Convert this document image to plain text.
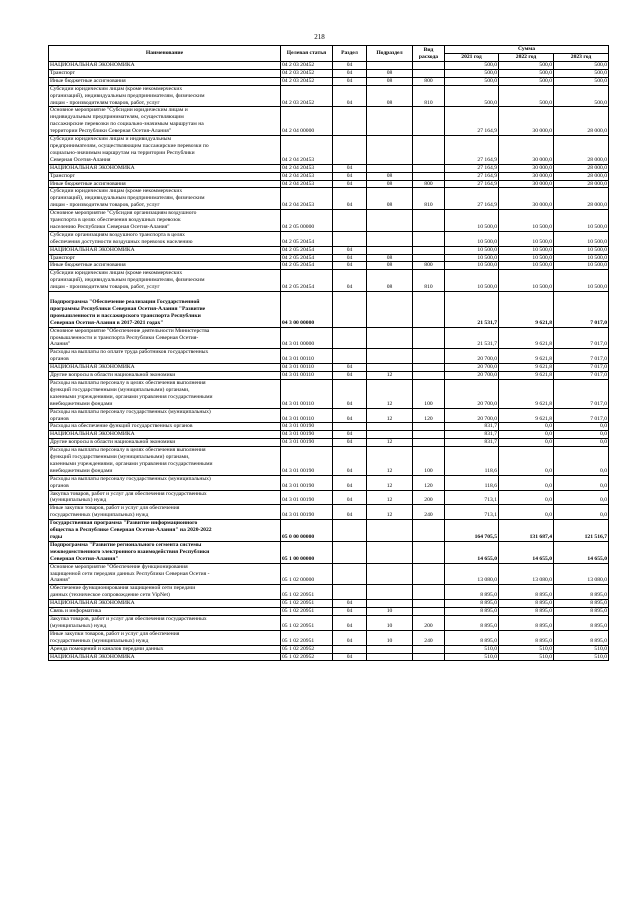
218
Наименование	Целевая статья	Раздел	Подраздел	Вид расхода	Сумма		
					2021 год	2022 год	2023 год
НАЦИОНАЛЬНАЯ ЭКОНОМИКА	04 2 03 20452	04			500,0	500,0	500,0
Транспорт	04 2 03 20452	04	08		500,0	500,0	500,0
Иные бюджетные ассигнования	04 2 03 20452	04	08	800	500,0	500,0	500,0
Субсидии юридическим лицам (кроме некоммерческих
организаций), индивидуальным предпринимателям, физическим
лицам - производителям товаров, работ, услуг	04 2 03 20452	04	08	810	500,0	500,0	500,0
Основное мероприятие "Субсидии юридическим лицам и
индивидуальным предпринимателям, осуществляющим
пассажирские перевозки по социально-значимым маршрутам на
территории Республики Северная Осетия-Алания"	04 2 04 00000				27 164,9	30 000,0	28 000,0
Субсидии юридическим лицам и индивидуальным
предпринимателям, осуществляющим пассажирские перевозки по
социально-значимым маршрутам на территории Республики
Северная Осетия-Алания	04 2 04 20453				27 164,9	30 000,0	28 000,0
НАЦИОНАЛЬНАЯ ЭКОНОМИКА	04 2 04 20453	04			27 164,9	30 000,0	28 000,0
Транспорт	04 2 04 20453	04	08		27 164,9	30 000,0	28 000,0
Иные бюджетные ассигнования	04 2 04 20453	04	08	800	27 164,9	30 000,0	28 000,0
Субсидии юридическим лицам (кроме некоммерческих
организаций), индивидуальным предпринимателям, физическим
лицам - производителям товаров, работ, услуг	04 2 04 20453	04	08	810	27 164,9	30 000,0	28 000,0
Основное мероприятие "Субсидия организациям воздушного
транспорта в целях обеспечения воздушных перевозок
населению Республики Северная Осетия-Алания"	04 2 05 00000				10 500,0	10 500,0	10 500,0
Субсидии организациям воздушного транспорта в целях
обеспечения доступности воздушных перевозок населению	04 2 05 20454				10 500,0	10 500,0	10 500,0
НАЦИОНАЛЬНАЯ ЭКОНОМИКА	04 2 05 20454	04			10 500,0	10 500,0	10 500,0
Транспорт	04 2 05 20454	04	08		10 500,0	10 500,0	10 500,0
Иные бюджетные ассигнования	04 2 05 20454	04	08	800	10 500,0	10 500,0	10 500,0
Субсидии юридическим лицам (кроме некоммерческих
организаций), индивидуальным предпринимателям, физическим
лицам - производителям товаров, работ, услуг	04 2 05 20454	04	08	810	10 500,0	10 500,0	10 500,0

Подпрограмма "Обеспечение реализации Государственной
программы Республики Северная Осетия-Алания "Развитие
промышленности и пассажирского транспорта Республики
Северная Осетия-Алания в 2017-2021 годах"	04 3 00 00000				21 531,7	9 621,8	7 017,0
Основное мероприятие "Обеспечение деятельности Министерства
промышленности и транспорта Республики Северная Осетия-
Алания"	04 3 01 00000				21 531,7	9 621,8	7 017,0
Расходы на выплаты по оплате труда работников государственных
органов	04 3 01 00110				20 700,0	9 621,8	7 017,0
НАЦИОНАЛЬНАЯ ЭКОНОМИКА	04 3 01 00110	04			20 700,0	9 621,8	7 017,0
Другие вопросы в области национальной экономики	04 3 01 00110	04	12		20 700,0	9 621,8	7 017,0
Расходы на выплаты персоналу в целях обеспечения выполнения
функций государственными (муниципальными) органами,
казенными учреждениями, органами управления государственными
внебюджетными фондами	04 3 01 00110	04	12	100	20 700,0	9 621,8	7 017,0
Расходы на выплаты персоналу государственных (муниципальных)
органов	04 3 01 00110	04	12	120	20 700,0	9 621,8	7 017,0
Расходы на обеспечение функций государственных органов	04 3 01 00190				831,7	0,0	0,0
НАЦИОНАЛЬНАЯ ЭКОНОМИКА	04 3 01 00190	04			831,7	0,0	0,0
Другие вопросы в области национальной экономики	04 3 01 00190	04	12		831,7	0,0	0,0
Расходы на выплаты персоналу в целях обеспечения выполнения
функций государственными (муниципальными) органами,
казенными учреждениями, органами управления государственными
внебюджетными фондами	04 3 01 00190	04	12	100	118,6	0,0	0,0
Расходы на выплаты персоналу государственных (муниципальных)
органов	04 3 01 00190	04	12	120	118,6	0,0	0,0
Закупка товаров, работ и услуг для обеспечения государственных
(муниципальных) нужд	04 3 01 00190	04	12	200	713,1	0,0	0,0
Иные закупки товаров, работ и услуг для обеспечения
государственных (муниципальных) нужд	04 3 01 00190	04	12	240	713,1	0,0	0,0
Государственная программа "Развитие информационного
общества в Республике Северная Осетия-Алания" на 2020-2022
годы	05 0 00 00000				164 705,5	131 687,4	121 516,7
Подпрограмма "Развитие регионального сегмента системы
межведомственного электронного взаимодействия Республики
Северная Осетия-Алания"	05 1 00 00000				14 655,0	14 655,0	14 655,0
Основное мероприятие "Обеспечение функционирования
защищенной сети передачи данных Республики Северная Осетия -
Алания"	05 1 02 00000				13 080,0	13 080,0	13 080,0
Обеспечение функционирования защищенной сети передачи
данных (техническое сопровождение сети VipNet)	05 1 02 20951				8 895,0	8 895,0	8 895,0
НАЦИОНАЛЬНАЯ ЭКОНОМИКА	05 1 02 20951	04			8 895,0	8 895,0	8 895,0
Связь и информатика	05 1 02 20951	04	10		8 895,0	8 895,0	8 895,0
Закупка товаров, работ и услуг для обеспечения государственных
(муниципальных) нужд	05 1 02 20951	04	10	200	8 895,0	8 895,0	8 895,0
Иные закупки товаров, работ и услуг для обеспечения
государственных (муниципальных) нужд	05 1 02 20951	04	10	240	8 895,0	8 895,0	8 895,0
Аренда помещений и каналов передачи данных	05 1 02 20952				510,0	510,0	510,0
НАЦИОНАЛЬНАЯ ЭКОНОМИКА	05 1 02 20952	04			510,0	510,0	510,0
